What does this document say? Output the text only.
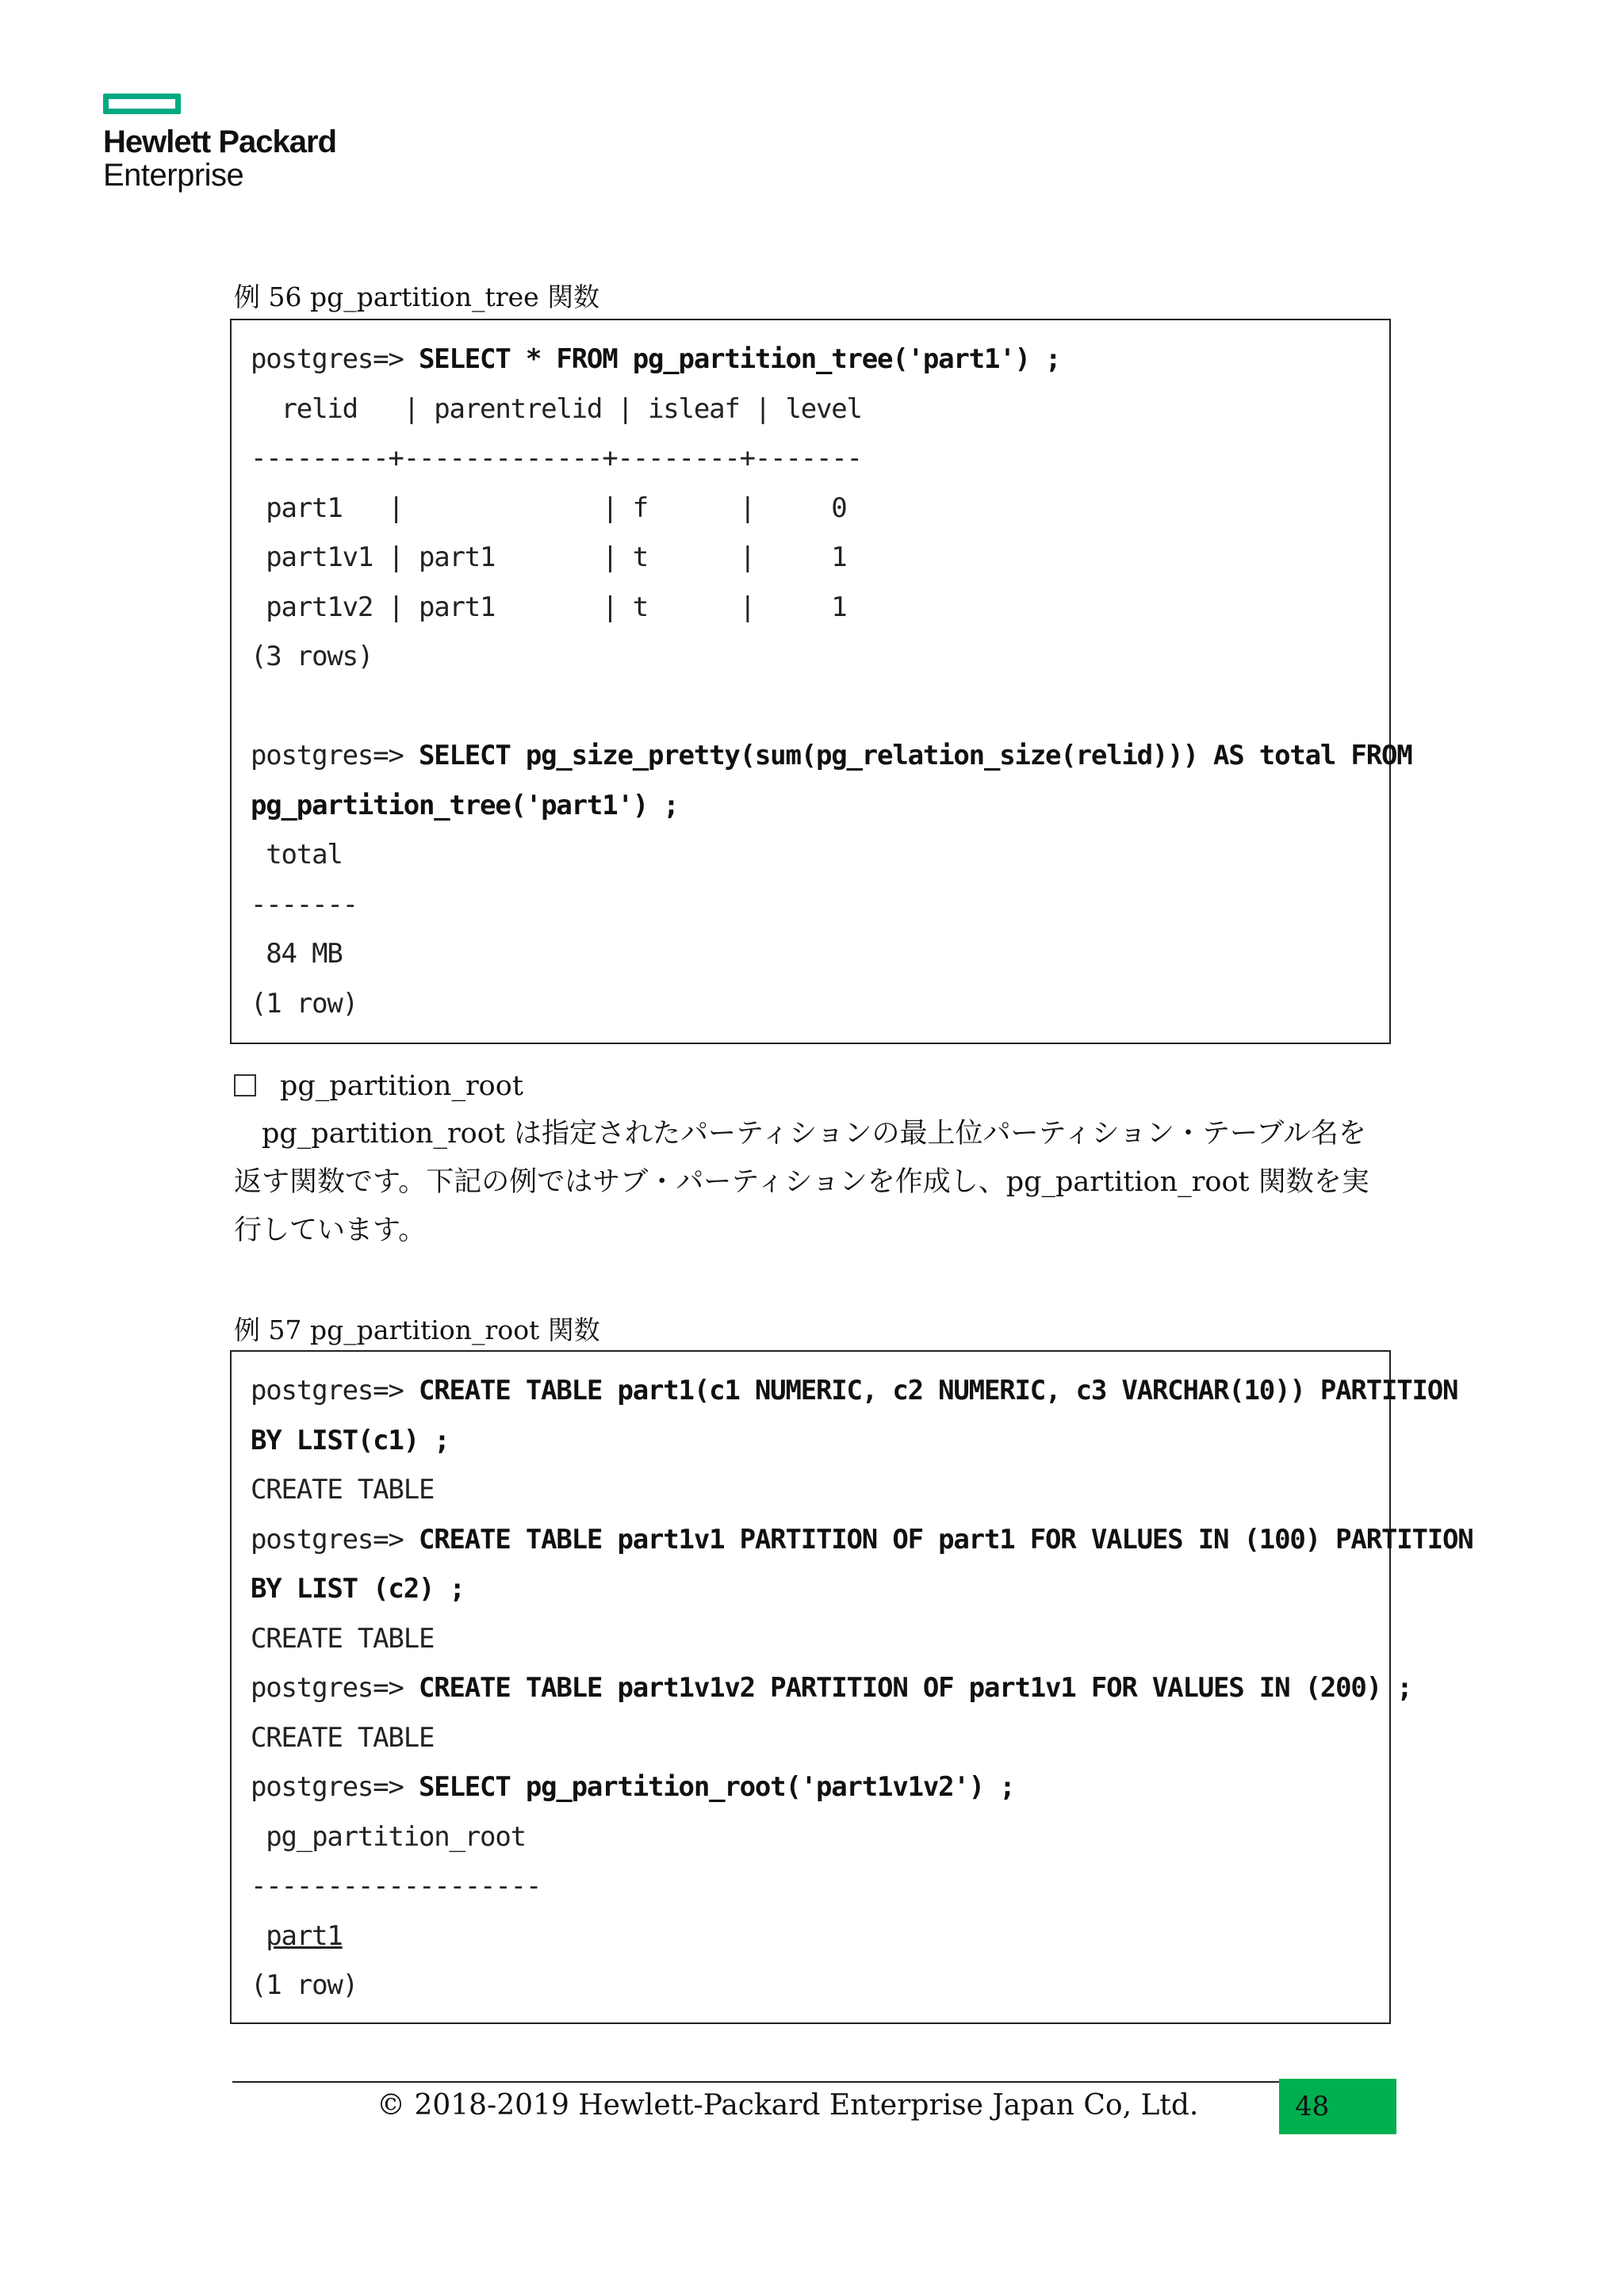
Hewlett Packard
Enterprise
例 56 pg_partition_tree 関数
postgres=> SELECT * FROM pg_partition_tree('part1') ;
relid   | parentrelid | isleaf | level
---------+-------------+--------+-------
part1   |             | f      |     0
part1v1 | part1       | t      |     1
part1v2 | part1       | t      |     1
(3 rows)
postgres=> SELECT pg_size_pretty(sum(pg_relation_size(relid))) AS total FROM
pg_partition_tree('part1') ;
total
-------
84 MB
(1 row)
pg_partition_root
　pg_partition_root は指定されたパーティションの最上位パーティション・テーブル名を
返す関数です。下記の例ではサブ・パーティションを作成し、pg_partition_root 関数を実
行しています。
例 57 pg_partition_root 関数
postgres=> CREATE TABLE part1(c1 NUMERIC, c2 NUMERIC, c3 VARCHAR(10)) PARTITION
BY LIST(c1) ;
CREATE TABLE
postgres=> CREATE TABLE part1v1 PARTITION OF part1 FOR VALUES IN (100) PARTITION
BY LIST (c2) ;
CREATE TABLE
postgres=> CREATE TABLE part1v1v2 PARTITION OF part1v1 FOR VALUES IN (200) ;
CREATE TABLE
postgres=> SELECT pg_partition_root('part1v1v2') ;
pg_partition_root
-------------------
part1
(1 row)
© 2018-2019 Hewlett-Packard Enterprise Japan Co, Ltd.	48
